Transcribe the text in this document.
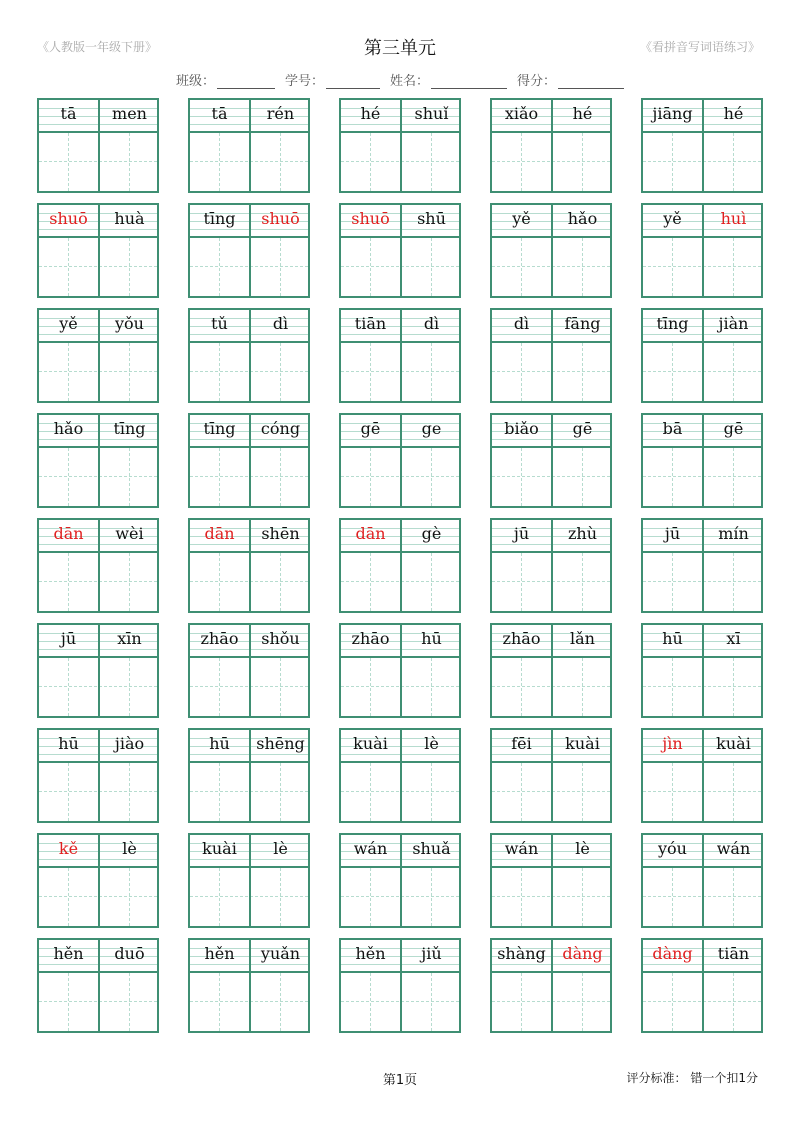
《人教版一年级下册》	第三单元	《看拼音写词语练习》
班级：	学号：	姓名：	得分：
tā	men	tā	rén	hé	shuǐ	xiǎo	hé	jiāng	hé
shuō	huà	tīng	shuō	shuō	shū	yě	hǎo	yě	huì
yě	yǒu	tǔ	dì	tiān	dì	dì	fāng	tīng	jiàn
hǎo	tīng	tīng	cóng	gē	ge	biǎo	gē	bā	gē
dān	wèi	dān	shēn	dān	gè	jū	zhù	jū	mín
jū	xīn	zhāo	shǒu	zhāo	hū	zhāo	lǎn	hū	xī
hū	jiào	hū	shēng	kuài	lè	fēi	kuài	jìn	kuài
kě	lè	kuài	lè	wán	shuǎ	wán	lè	yóu	wán
hěn	duō	hěn	yuǎn	hěn	jiǔ	shàng	dàng	dàng	tiān
第1页	评分标准： 错一个扣1分
